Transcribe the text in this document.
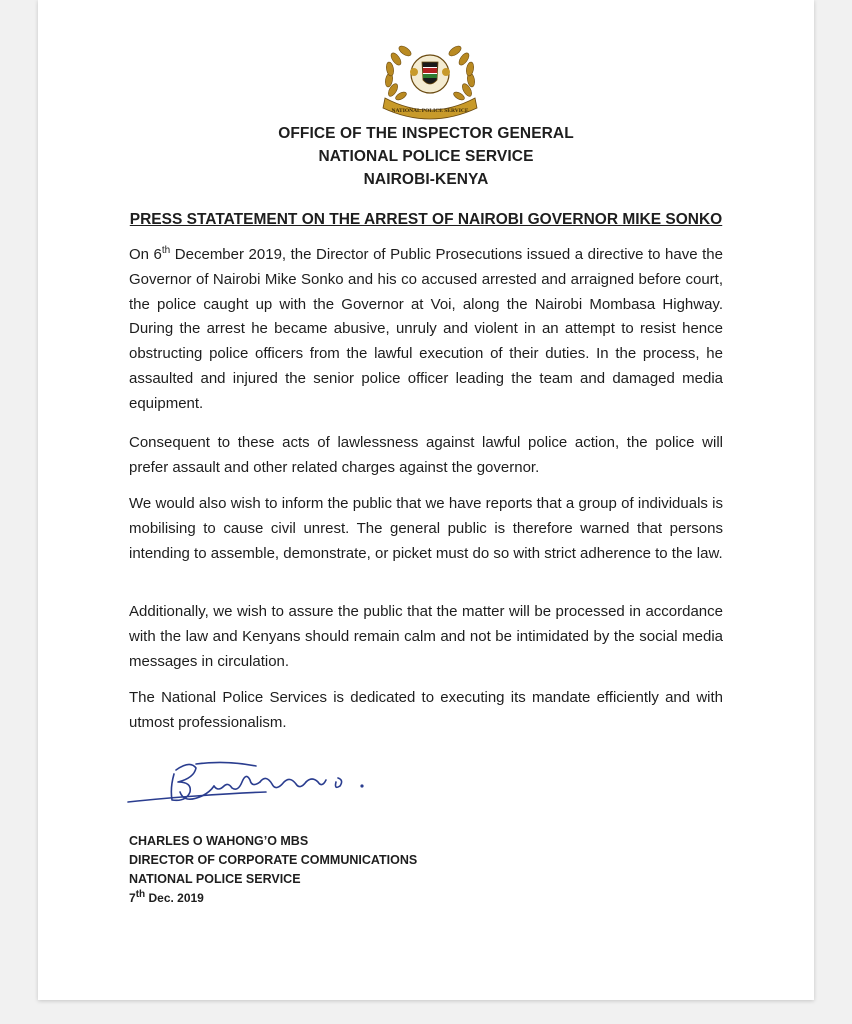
NATIONAL POLICE SERVICE
OFFICE OF THE INSPECTOR GENERAL
NATIONAL POLICE SERVICE
NAIROBI-KENYA
PRESS STATATEMENT ON THE ARREST OF NAIROBI GOVERNOR MIKE SONKO

On 6th December 2019, the Director of Public Prosecutions issued a directive to have the Governor of Nairobi Mike Sonko and his co accused arrested and arraigned before court, the police caught up with the Governor at Voi, along the Nairobi Mombasa Highway. During the arrest he became abusive, unruly and violent in an attempt to resist hence obstructing police officers from the lawful execution of their duties. In the process, he assaulted and injured the senior police officer leading the team and damaged media equipment.

Consequent to these acts of lawlessness against lawful police action, the police will prefer assault and other related charges against the governor.

We would also wish to inform the public that we have reports that a group of individuals is mobilising to cause civil unrest. The general public is therefore warned that persons intending to assemble, demonstrate, or picket must do so with strict adherence to the law.

Additionally, we wish to assure the public that the matter will be processed in accordance with the law and Kenyans should remain calm and not be intimidated by the social media messages in circulation.

The National Police Services is dedicated to executing its mandate efficiently and with utmost professionalism.

CHARLES O WAHONG’O MBS
DIRECTOR OF CORPORATE COMMUNICATIONS
NATIONAL POLICE SERVICE
7th Dec. 2019
